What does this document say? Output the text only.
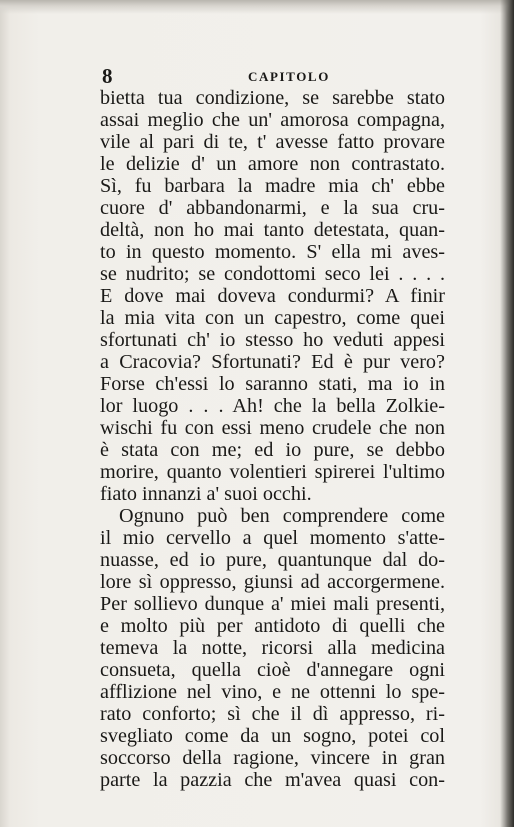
8	CAPITOLO
bietta tua condizione, se sarebbe stato
assai meglio che un' amorosa compagna,
vile al pari di te, t' avesse fatto provare
le delizie d' un amore non contrastato.
Sì, fu barbara la madre mia ch' ebbe
cuore d' abbandonarmi, e la sua cru-
deltà, non ho mai tanto detestata, quan-
to in questo momento. S' ella mi aves-
se nudrito; se condottomi seco lei . . . .
E dove mai doveva condurmi? A finir
la mia vita con un capestro, come quei
sfortunati ch' io stesso ho veduti appesi
a Cracovia? Sfortunati? Ed è pur vero?
Forse ch'essi lo saranno stati, ma io in
lor luogo . . . Ah! che la bella Zolkie-
wischi fu con essi meno crudele che non
è stata con me; ed io pure, se debbo
morire, quanto volentieri spirerei l'ultimo
fiato innanzi a' suoi occhi.
Ognuno può ben comprendere come
il mio cervello a quel momento s'atte-
nuasse, ed io pure, quantunque dal do-
lore sì oppresso, giunsi ad accorgermene.
Per sollievo dunque a' miei mali presenti,
e molto più per antidoto di quelli che
temeva la notte, ricorsi alla medicina
consueta, quella cioè d'annegare ogni
afflizione nel vino, e ne ottenni lo spe-
rato conforto; sì che il dì appresso, ri-
svegliato come da un sogno, potei col
soccorso della ragione, vincere in gran
parte la pazzia che m'avea quasi con-
